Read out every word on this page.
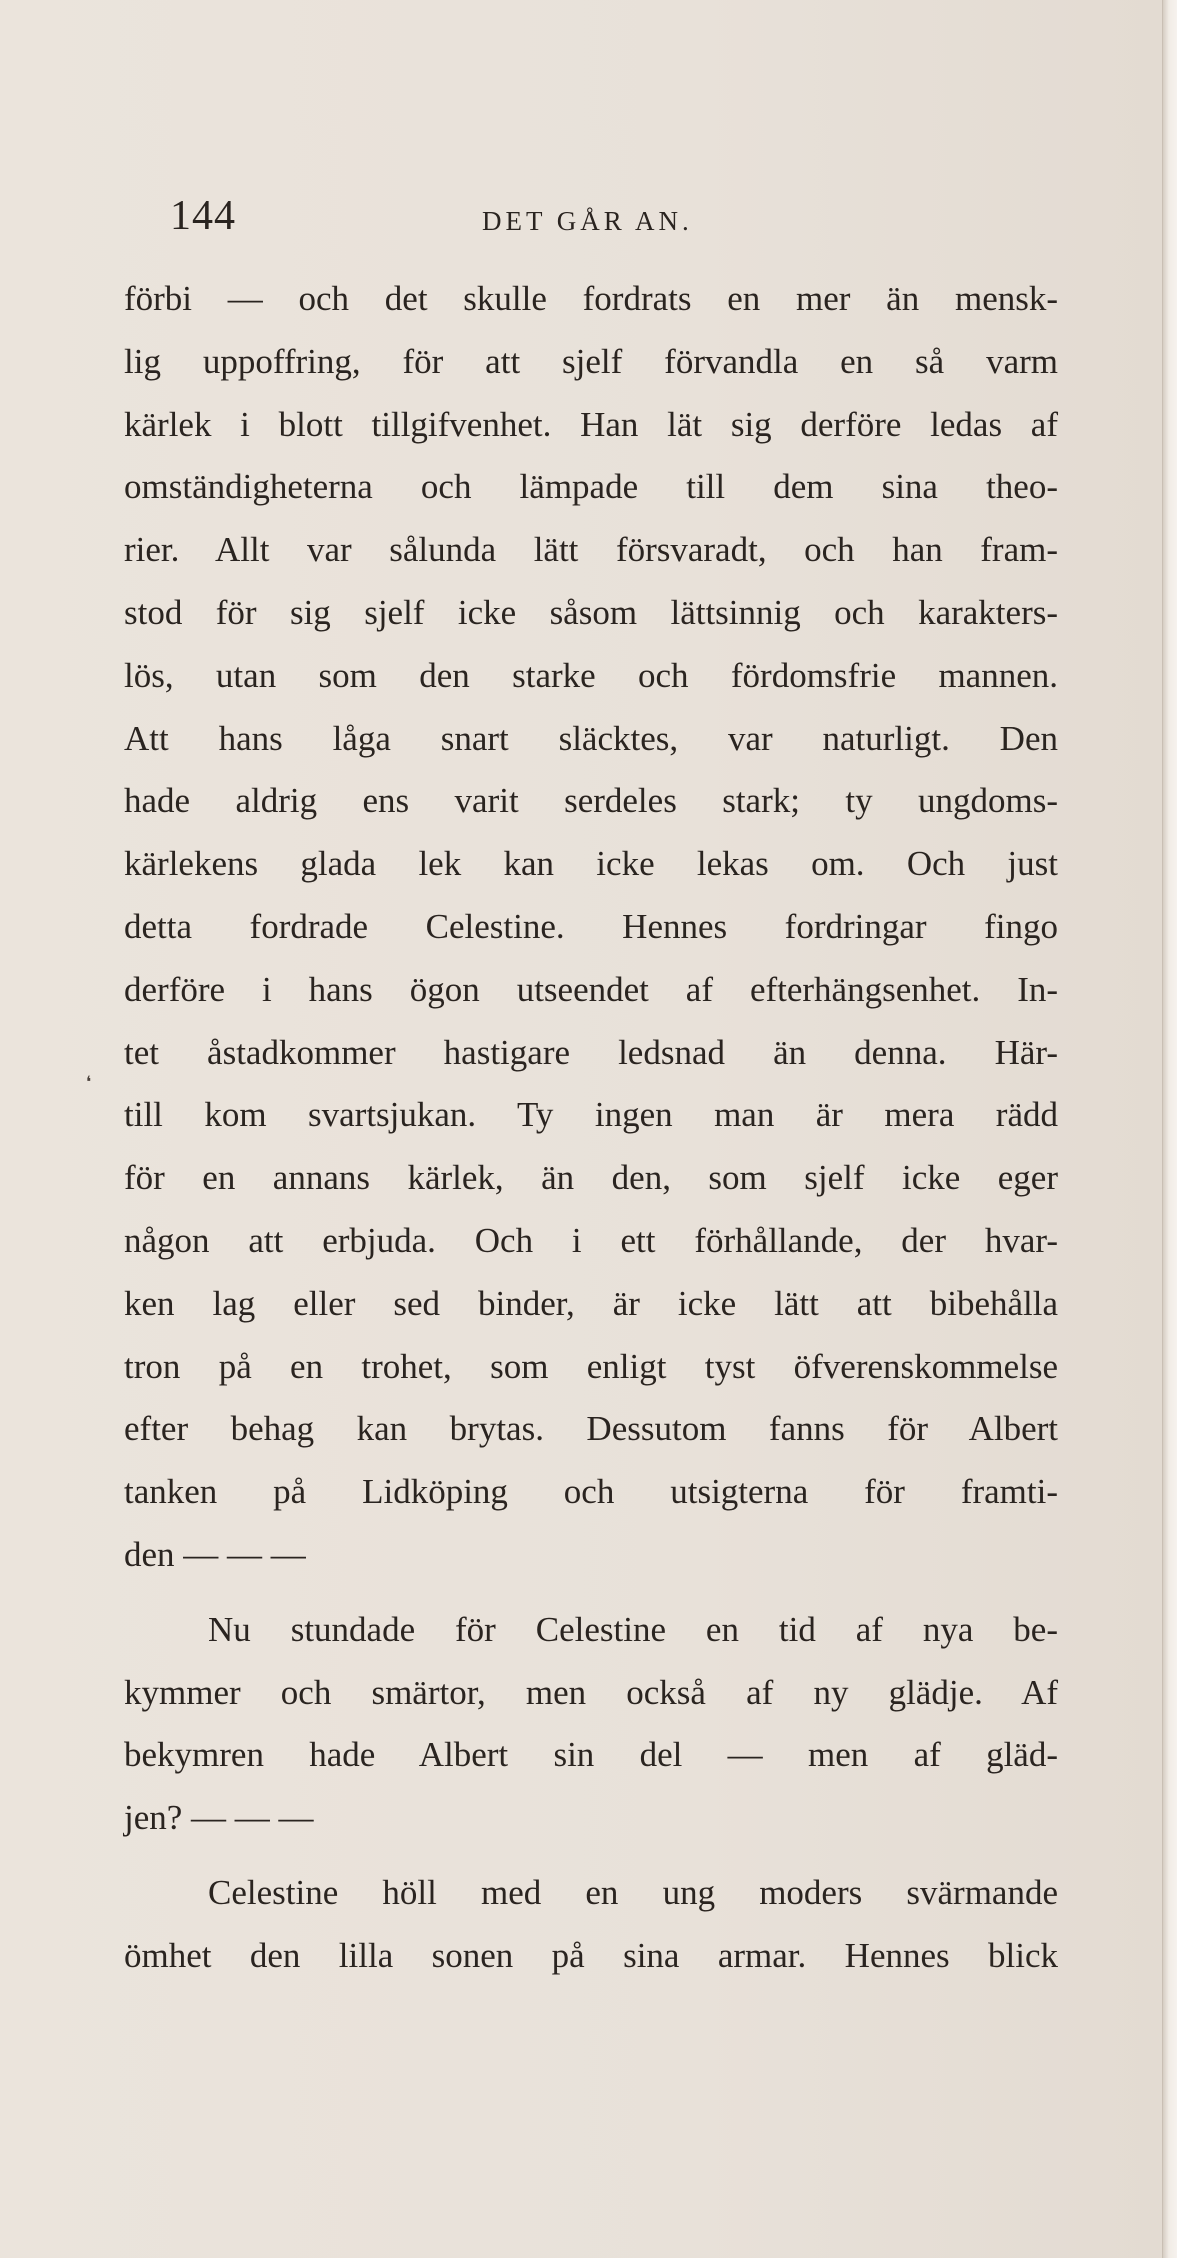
144	DET GÅR AN.
förbi — och det skulle fordrats en mer än mensk-
lig uppoffring, för att sjelf förvandla en så varm
kärlek i blott tillgifvenhet. Han lät sig derföre ledas af
omständigheterna och lämpade till dem sina theo-
rier. Allt var sålunda lätt försvaradt, och han fram-
stod för sig sjelf icke såsom lättsinnig och karakters-
lös, utan som den starke och fördomsfrie mannen.
Att hans låga snart släcktes, var naturligt. Den
hade aldrig ens varit serdeles stark; ty ungdoms-
kärlekens glada lek kan icke lekas om. Och just
detta fordrade Celestine. Hennes fordringar fingo
derföre i hans ögon utseendet af efterhängsenhet. In-
tet åstadkommer hastigare ledsnad än denna. Här-
till kom svartsjukan. Ty ingen man är mera rädd
för en annans kärlek, än den, som sjelf icke eger
någon att erbjuda. Och i ett förhållande, der hvar-
ken lag eller sed binder, är icke lätt att bibehålla
tron på en trohet, som enligt tyst öfverenskommelse
efter behag kan brytas. Dessutom fanns för Albert
tanken på Lidköping och utsigterna för framti-
den — — —
Nu stundade för Celestine en tid af nya be-
kymmer och smärtor, men också af ny glädje. Af
bekymren hade Albert sin del — men af gläd-
jen? — — —
Celestine höll med en ung moders svärmande
ömhet den lilla sonen på sina armar. Hennes blick
❛
